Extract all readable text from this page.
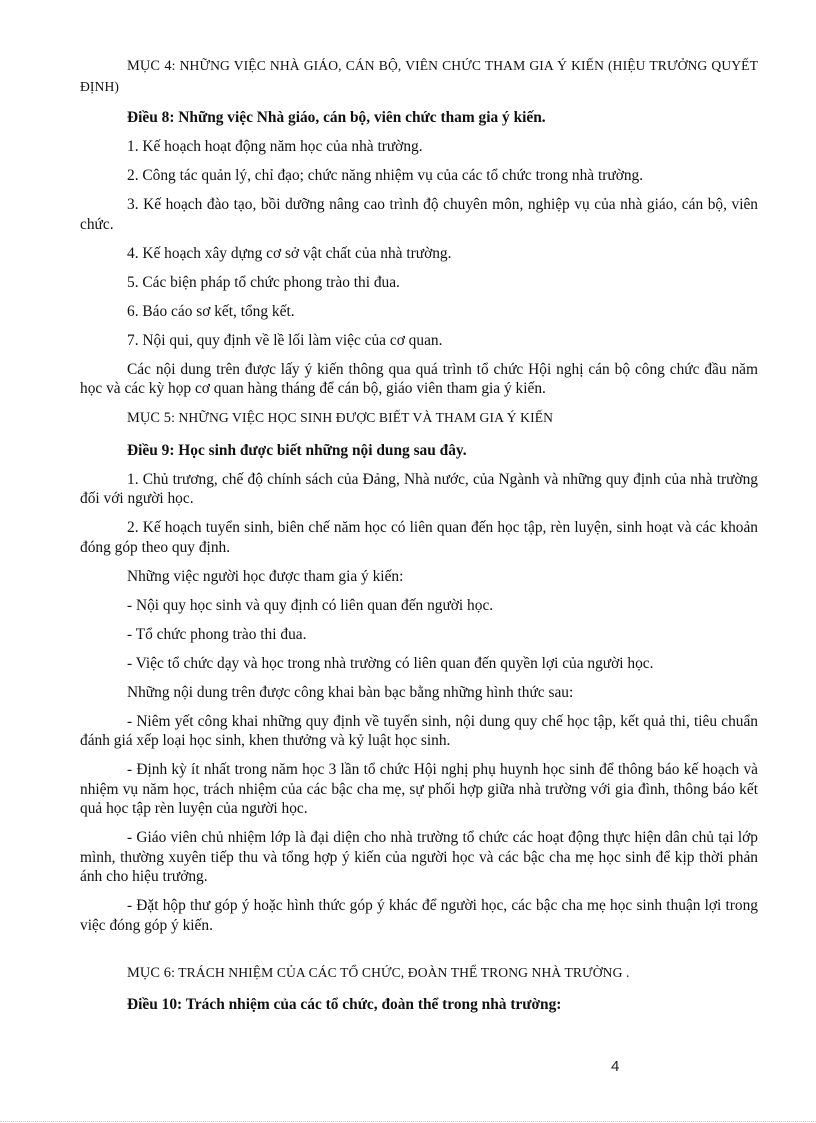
MỤC 4: NHỮNG VIỆC NHÀ GIÁO, CÁN BỘ, VIÊN CHỨC THAM GIA Ý KIẾN (HIỆU TRƯỞNG QUYẾT ĐỊNH)

Điều 8: Những việc Nhà giáo, cán bộ, viên chức tham gia ý kiến.

1. Kế hoạch hoạt động năm học của nhà trường.

2. Công tác quản lý, chỉ đạo; chức năng nhiệm vụ của các tổ chức trong nhà trường.

3. Kế hoạch đào tạo, bồi dưỡng nâng cao trình độ chuyên môn, nghiệp vụ của nhà giáo, cán bộ, viên chức.

4. Kế hoạch xây dựng cơ sở vật chất của nhà trường.

5. Các biện pháp tổ chức phong trào thi đua.

6. Báo cáo sơ kết, tổng kết.

7. Nội qui, quy định về lề lối làm việc của cơ quan.

Các nội dung trên được lấy ý kiến thông qua quá trình tổ chức Hội nghị cán bộ công chức đầu năm học và các kỳ họp cơ quan hàng tháng để cán bộ, giáo viên tham gia ý kiến.

MỤC 5: NHỮNG VIỆC HỌC SINH ĐƯỢC BIẾT VÀ THAM GIA Ý KIẾN

Điều 9: Học sinh được biết những nội dung sau đây.

1. Chủ trương, chế độ chính sách của Đảng, Nhà nước, của Ngành và những quy định của nhà trường đối với người học.

2. Kế hoạch tuyển sinh, biên chế năm học có liên quan đến học tập, rèn luyện, sinh hoạt và các khoản đóng góp theo quy định.

Những việc người học được tham gia ý kiến:

- Nội quy học sinh và quy định có liên quan đến người học.

- Tổ chức phong trào thi đua.

- Việc tổ chức dạy và học trong nhà trường có liên quan đến quyền lợi của người học.

Những nội dung trên được công khai bàn bạc bằng những hình thức sau:

- Niêm yết công khai những quy định về tuyển sinh, nội dung quy chế học tập, kết quả thi, tiêu chuẩn đánh giá xếp loại học sinh, khen thưởng và kỷ luật học sinh.

- Định kỳ ít nhất trong năm học 3 lần tổ chức Hội nghị phụ huynh học sinh để thông báo kế hoạch và nhiệm vụ năm học, trách nhiệm của các bậc cha mẹ, sự phối hợp giữa nhà trường với gia đình, thông báo kết quả học tập rèn luyện của người học.

- Giáo viên chủ nhiệm lớp là đại diện cho nhà trường tổ chức các hoạt động thực hiện dân chủ tại lớp mình, thường xuyên tiếp thu và tổng hợp ý kiến của người học và các bậc cha mẹ học sinh để kịp thời phản ánh cho hiệu trưởng.

- Đặt hộp thư góp ý hoặc hình thức góp ý khác để người học, các bậc cha mẹ học sinh thuận lợi trong việc đóng góp ý kiến.

MỤC 6: TRÁCH NHIỆM CỦA CÁC TỔ CHỨC, ĐOÀN THỂ TRONG NHÀ TRƯỜNG .

Điều 10: Trách nhiệm của các tổ chức, đoàn thể trong nhà trường:

4
